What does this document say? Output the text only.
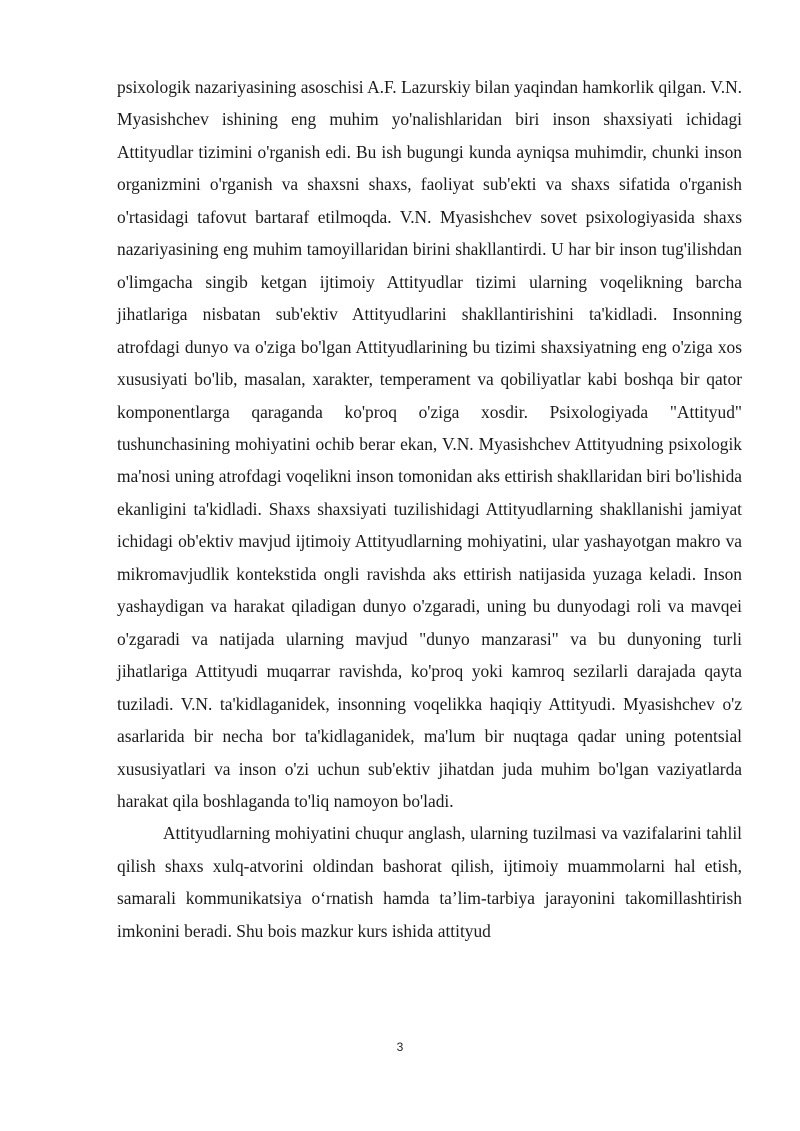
psixologik nazariyasining asoschisi A.F. Lazurskiy bilan yaqindan hamkorlik qilgan. V.N. Myasishchev ishining eng muhim yo'nalishlaridan biri inson shaxsiyati ichidagi Attityudlar tizimini o'rganish edi. Bu ish bugungi kunda ayniqsa muhimdir, chunki inson organizmini o'rganish va shaxsni shaxs, faoliyat sub'ekti va shaxs sifatida o'rganish o'rtasidagi tafovut bartaraf etilmoqda. V.N. Myasishchev sovet psixologiyasida shaxs nazariyasining eng muhim tamoyillaridan birini shakllantirdi. U har bir inson tug'ilishdan o'limgacha singib ketgan ijtimoiy Attityudlar tizimi ularning voqelikning barcha jihatlariga nisbatan sub'ektiv Attityudlarini shakllantirishini ta'kidladi. Insonning atrofdagi dunyo va o'ziga bo'lgan Attityudlarining bu tizimi shaxsiyatning eng o'ziga xos xususiyati bo'lib, masalan, xarakter, temperament va qobiliyatlar kabi boshqa bir qator komponentlarga qaraganda ko'proq o'ziga xosdir. Psixologiyada "Attityud" tushunchasining mohiyatini ochib berar ekan, V.N. Myasishchev Attityudning psixologik ma'nosi uning atrofdagi voqelikni inson tomonidan aks ettirish shakllaridan biri bo'lishida ekanligini ta'kidladi. Shaxs shaxsiyati tuzilishidagi Attityudlarning shakllanishi jamiyat ichidagi ob'ektiv mavjud ijtimoiy Attityudlarning mohiyatini, ular yashayotgan makro va mikromavjudlik kontekstida ongli ravishda aks ettirish natijasida yuzaga keladi. Inson yashaydigan va harakat qiladigan dunyo o'zgaradi, uning bu dunyodagi roli va mavqei o'zgaradi va natijada ularning mavjud "dunyo manzarasi" va bu dunyoning turli jihatlariga Attityudi muqarrar ravishda, ko'proq yoki kamroq sezilarli darajada qayta tuziladi. V.N. ta'kidlaganidek, insonning voqelikka haqiqiy Attityudi. Myasishchev o'z asarlarida bir necha bor ta'kidlaganidek, ma'lum bir nuqtaga qadar uning potentsial xususiyatlari va inson o'zi uchun sub'ektiv jihatdan juda muhim bo'lgan vaziyatlarda harakat qila boshlaganda to'liq namoyon bo'ladi.

Attityudlarning mohiyatini chuqur anglash, ularning tuzilmasi va vazifalarini tahlil qilish shaxs xulq-atvorini oldindan bashorat qilish, ijtimoiy muammolarni hal etish, samarali kommunikatsiya o‘rnatish hamda ta’lim-tarbiya jarayonini takomillashtirish imkonini beradi. Shu bois mazkur kurs ishida attityud

3
